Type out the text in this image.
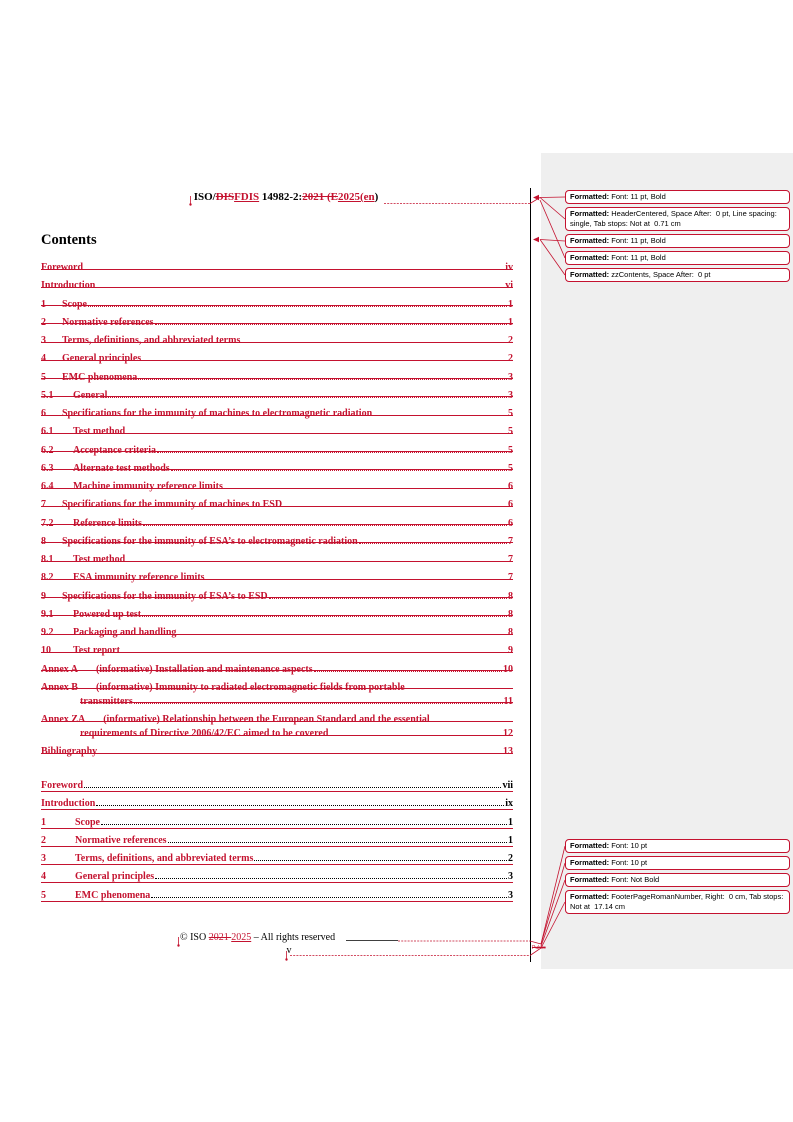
ISO/DISFDIS 14982-2:2021 (E2025(en)
Contents
Foreword	iv
Introduction	vi
1	Scope	1
2	Normative references	1
3	Terms, definitions, and abbreviated terms	2
4	General principles	2
5	EMC phenomena	3
5.1	General	3
6	Specifications for the immunity of machines to electromagnetic radiation	5
6.1	Test method	5
6.2	Acceptance criteria	5
6.3	Alternate test methods	5
6.4	Machine immunity reference limits	6
7	Specifications for the immunity of machines to ESD	6
7.2	Reference limits	6
8	Specifications for the immunity of ESA’s to electromagnetic radiation	7
8.1	Test method	7
8.2	ESA immunity reference limits	7
9	Specifications for the immunity of ESA’s to ESD	8
9.1	Powered up test	8
9.2	Packaging and handling	8
10	Test report	9
Annex A (informative) Installation and maintenance aspects	10
Annex B (informative) Immunity to radiated electromagnetic fields from portable
transmitters	11
Annex ZA (informative) Relationship between the European Standard and the essential
requirements of Directive 2006/42/EC aimed to be covered	12
Bibliography	13
Foreword	vii
Introduction	ix
1	Scope	1
2	Normative references	1
3	Terms, definitions, and abbreviated terms	2
4	General principles	3
5	EMC phenomena	3
© ISO 2021 2025 – All rights reserved
v	Public
Formatted: Font: 11 pt, Bold
Formatted: HeaderCentered, Space After:  0 pt, Line spacing:  single, Tab stops: Not at  0.71 cm
Formatted: Font: 11 pt, Bold
Formatted: Font: 11 pt, Bold
Formatted: zzContents, Space After:  0 pt
Formatted: Font: 10 pt
Formatted: Font: 10 pt
Formatted: Font: Not Bold
Formatted: FooterPageRomanNumber, Right:  0 cm, Tab stops: Not at  17.14 cm
